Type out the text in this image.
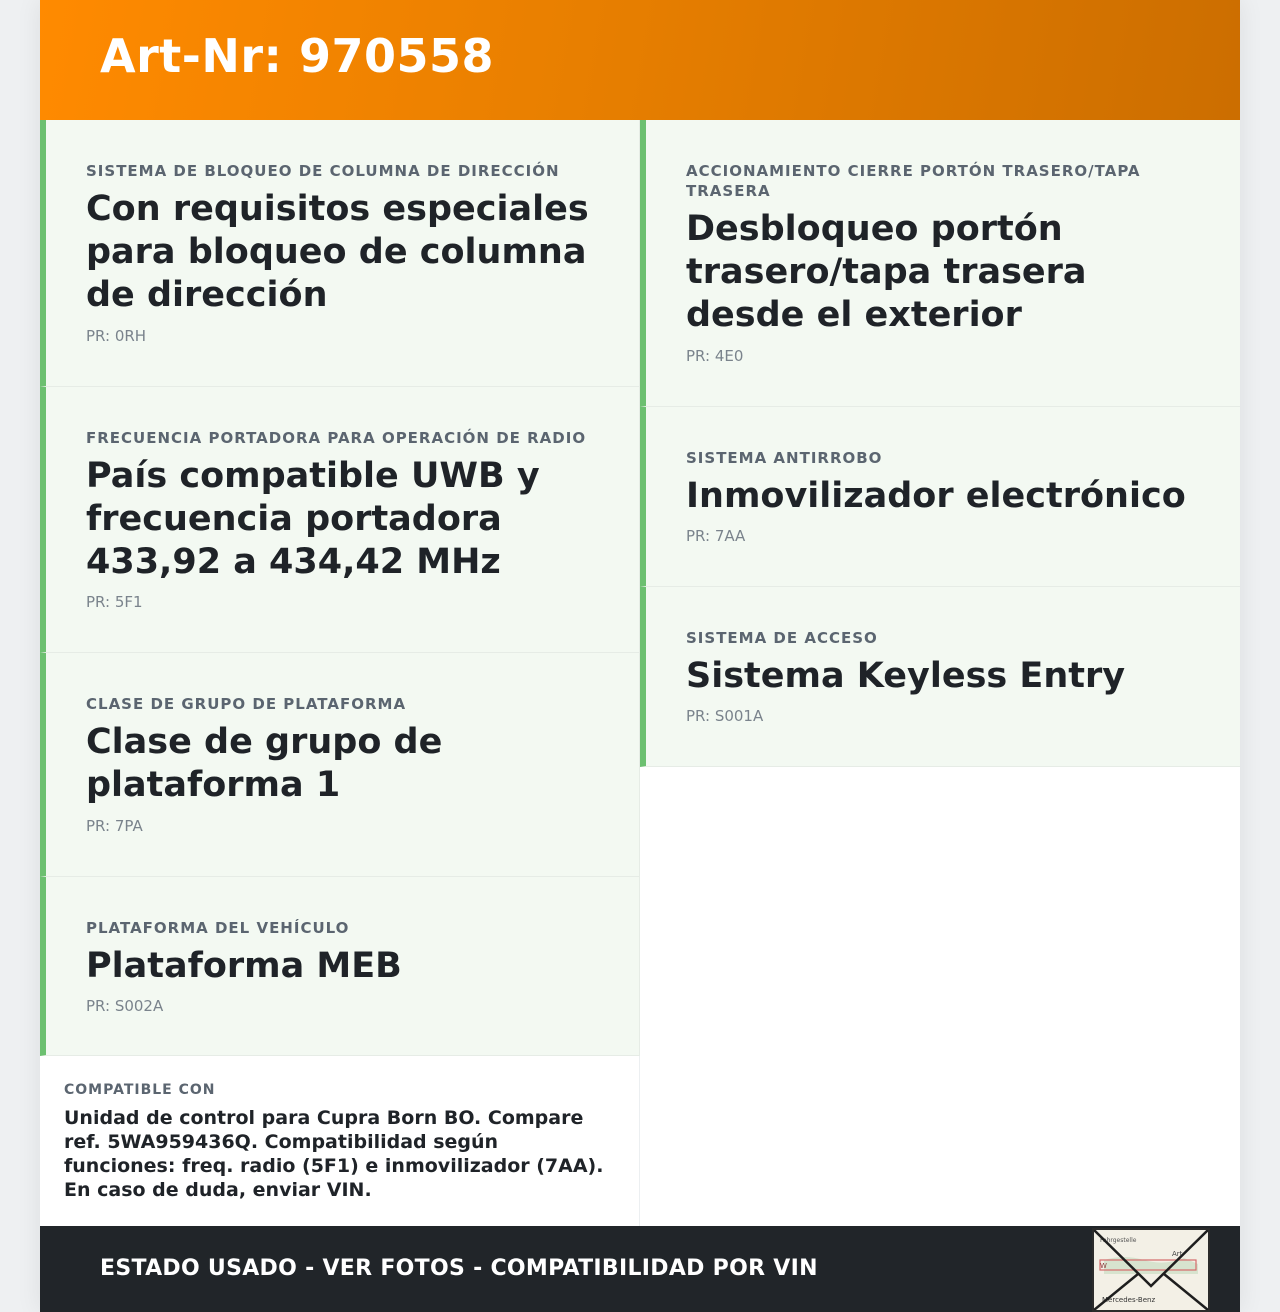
Art-Nr: 970558
SISTEMA DE BLOQUEO DE COLUMNA DE DIRECCIÓN
Con requisitos especiales para bloqueo de columna de dirección
PR: 0RH
FRECUENCIA PORTADORA PARA OPERACIÓN DE RADIO
País compatible UWB y frecuencia portadora 433,92 a 434,42 MHz
PR: 5F1
CLASE DE GRUPO DE PLATAFORMA
Clase de grupo de plataforma 1
PR: 7PA
PLATAFORMA DEL VEHÍCULO
Plataforma MEB
PR: S002A
ACCIONAMIENTO CIERRE PORTÓN TRASERO/TAPA TRASERA
Desbloqueo portón trasero/tapa trasera desde el exterior
PR: 4E0
SISTEMA ANTIRROBO
Inmovilizador electrónico
PR: 7AA
SISTEMA DE ACCESO
Sistema Keyless Entry
PR: S001A
COMPATIBLE CON
Unidad de control para Cupra Born BO. Compare ref. 5WA959436Q. Compatibilidad según funciones: freq. radio (5F1) e inmovilizador (7AA). En caso de duda, enviar VIN.
ESTADO USADO - VER FOTOS - COMPATIBILIDAD POR VIN
Fahrgestelle
W
Art
Mercedes-Benz
